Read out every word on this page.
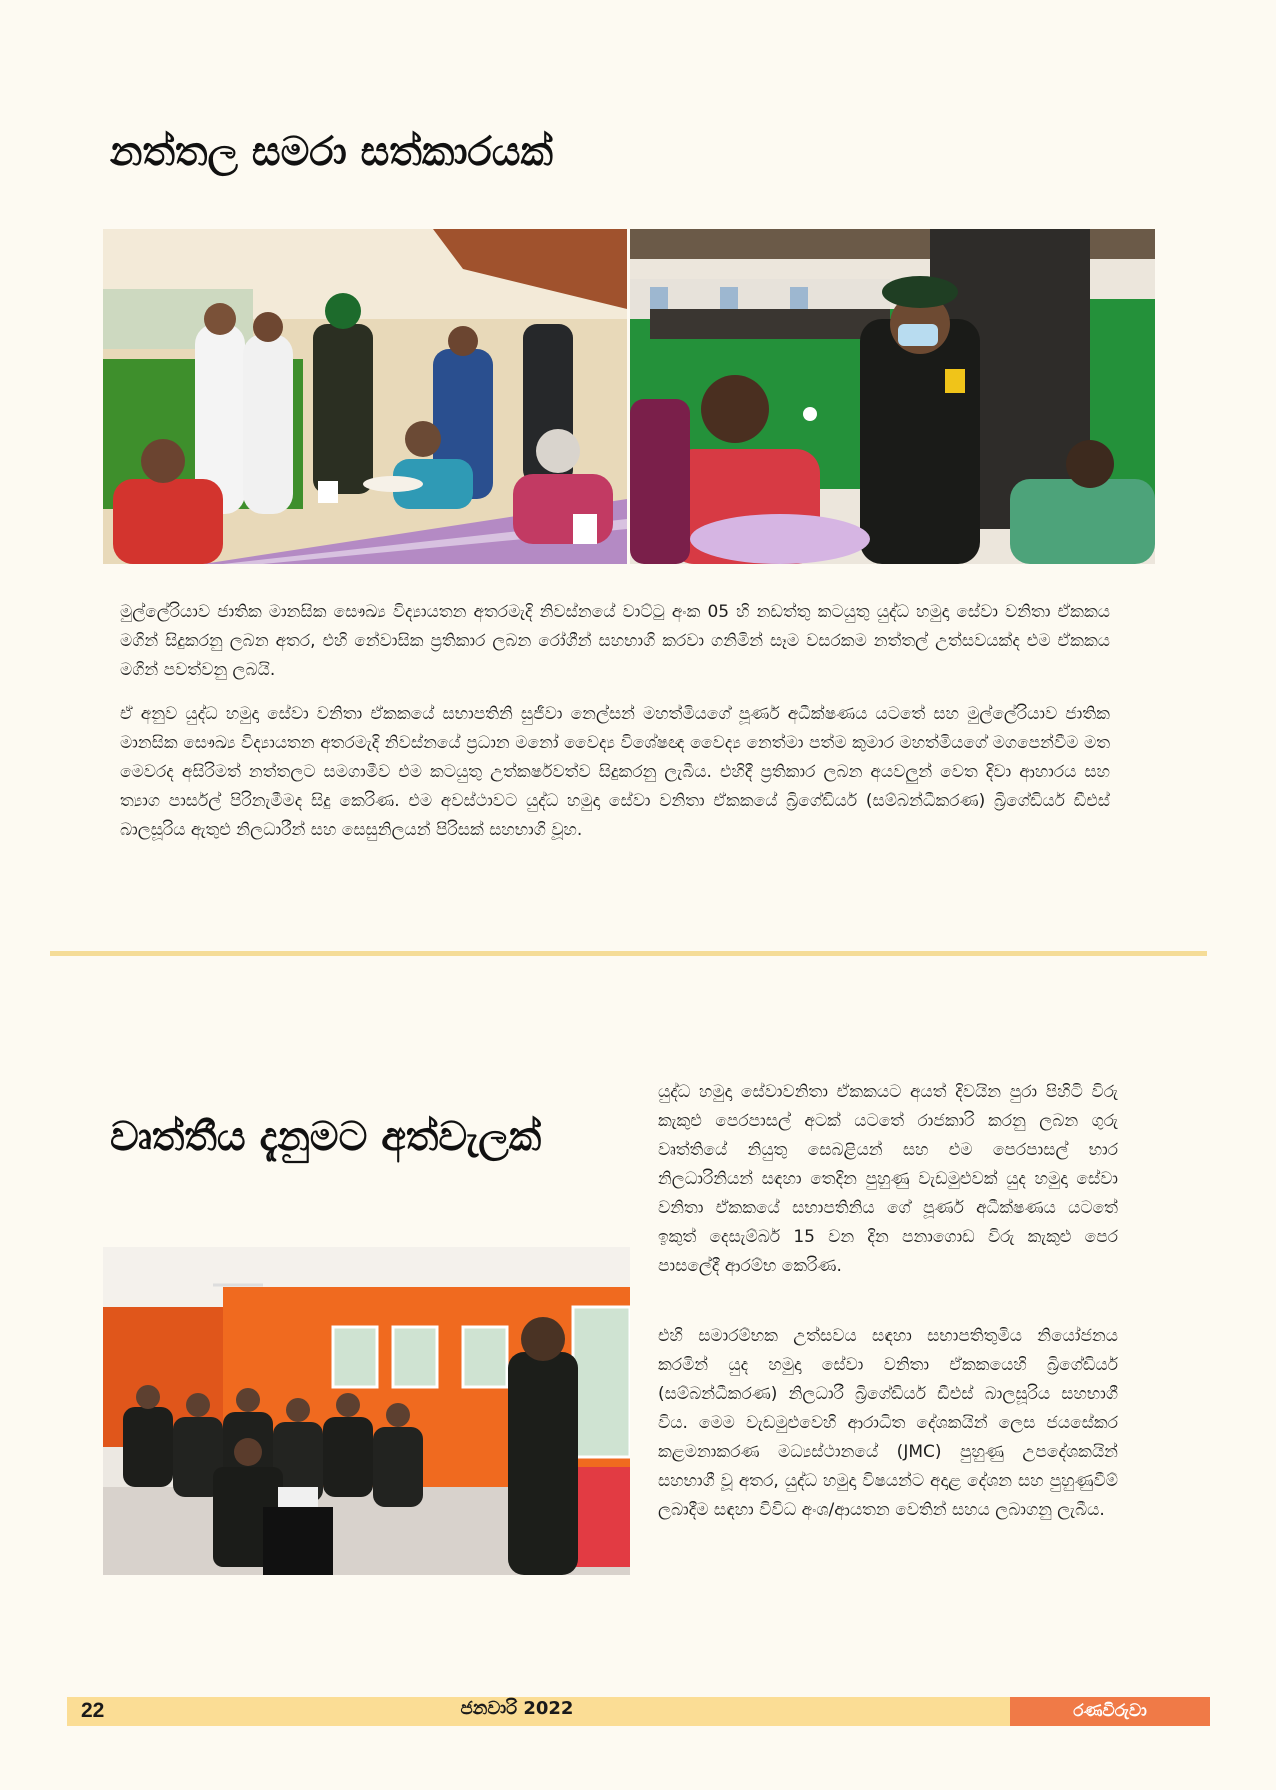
නත්තල සමරා සත්කාරයක්

මුල්ලේරියාව ජාතික මානසික සෞඛ්‍ය විද්‍යායතන අතරමැදි නිවස්නයේ වාට්ටු අංක 05 හි නඩත්තු කටයුතු යුද්ධ හමුදා සේවා වනිතා ඒකකය මගින් සිදුකරනු ලබන අතර, එහි නේවාසික ප්‍රතිකාර ලබන රෝගීන් සහභාගි කරවා ගනිමින් සෑම වසරකම නත්තල් උත්සවයක්ද එම ඒකකය මගින් පවත්වනු ලබයි.

ඒ අනුව යුද්ධ හමුදා සේවා වනිතා ඒකකයේ සභාපතිනි සුජීවා නෙල්සන් මහත්මියගේ පූර්ණ අධීක්ෂණය යටතේ සහ මුල්ලේරියාව ජාතික මානසික සෞඛ්‍ය විද්‍යායතන අතරමැදි නිවස්නයේ ප්‍රධාන මනෝ වෛද්‍ය විශේෂඥ වෛද්‍ය නෙත්මා පත්ම කුමාර මහත්මියගේ මගපෙන්වීම මත මෙවරද අසිරිමත් නත්තලට සමගාමීව එම කටයුතු උත්කර්ෂවත්ව සිදුකරනු ලැබීය. එහිදී ප්‍රතිකාර ලබන අයවලුන් වෙත දිවා ආහාරය සහ ත්‍යාග පාර්සල් පිරිනැමීමද සිදු කෙරිණ. එම අවස්ථාවට යුද්ධ හමුදා සේවා වනිතා ඒකකයේ බ්‍රිගේඩියර් (සම්බන්ධීකරණ) බ්‍රිගේඩියර් ඩීඑස් බාලසූරිය ඇතුළු නිලධාරීන් සහ සෙසුනිලයන් පිරිසක් සහභාගි වූහ.

වෘත්තීය දැනුමට අත්වැලක්

යුද්ධ හමුදා සේවාවනිතා ඒකකයට අයත් දිවයින පුරා පිහිටි විරු කැකුළු පෙරපාසල් අටක් යටතේ රාජකාරි කරනු ලබන ගුරු වෘත්තියේ නියුතු සෙබළියන් සහ එම පෙරපාසල් භාර නිලධාරිනියන් සඳහා තෙදින පුහුණු වැඩමුළුවක් යුද හමුදා සේවා වනිතා ඒකකයේ සභාපතිනිය ගේ පූර්ණ අධීක්ෂණය යටතේ ඉකුත් දෙසැම්බර් 15 වන දින පනාගොඩ විරු කැකුළු පෙර පාසලේදී ආරම්භ කෙරිණ.

එහි සමාරම්භක උත්සවය සඳහා සභාපතිතුමිය නියෝජනය කරමින් යුද හමුදා සේවා වනිතා ඒකකයෙහි බ්‍රිගේඩියර් (සම්බන්ධීකරණ) නිලධාරී බ්‍රිගේඩියර් ඩීඑස් බාලසූරිය සහභාගී විය. මෙම වැඩමුළුවෙහි ආරාධිත දේශකයින් ලෙස ජයසේකර කළමනාකරණ මධ්‍යස්ථානයේ (JMC) පුහුණු උපදේශකයින් සහභාගී වූ අතර, යුද්ධ හමුදා විෂයන්ට අදාළ දේශන සහ පුහුණුවීම් ලබාදීම සඳහා විවිධ අංශ/ආයතන වෙතින් සහය ලබාගනු ලැබීය.

22	ජනවාරි 2022	රණවිරුවා
